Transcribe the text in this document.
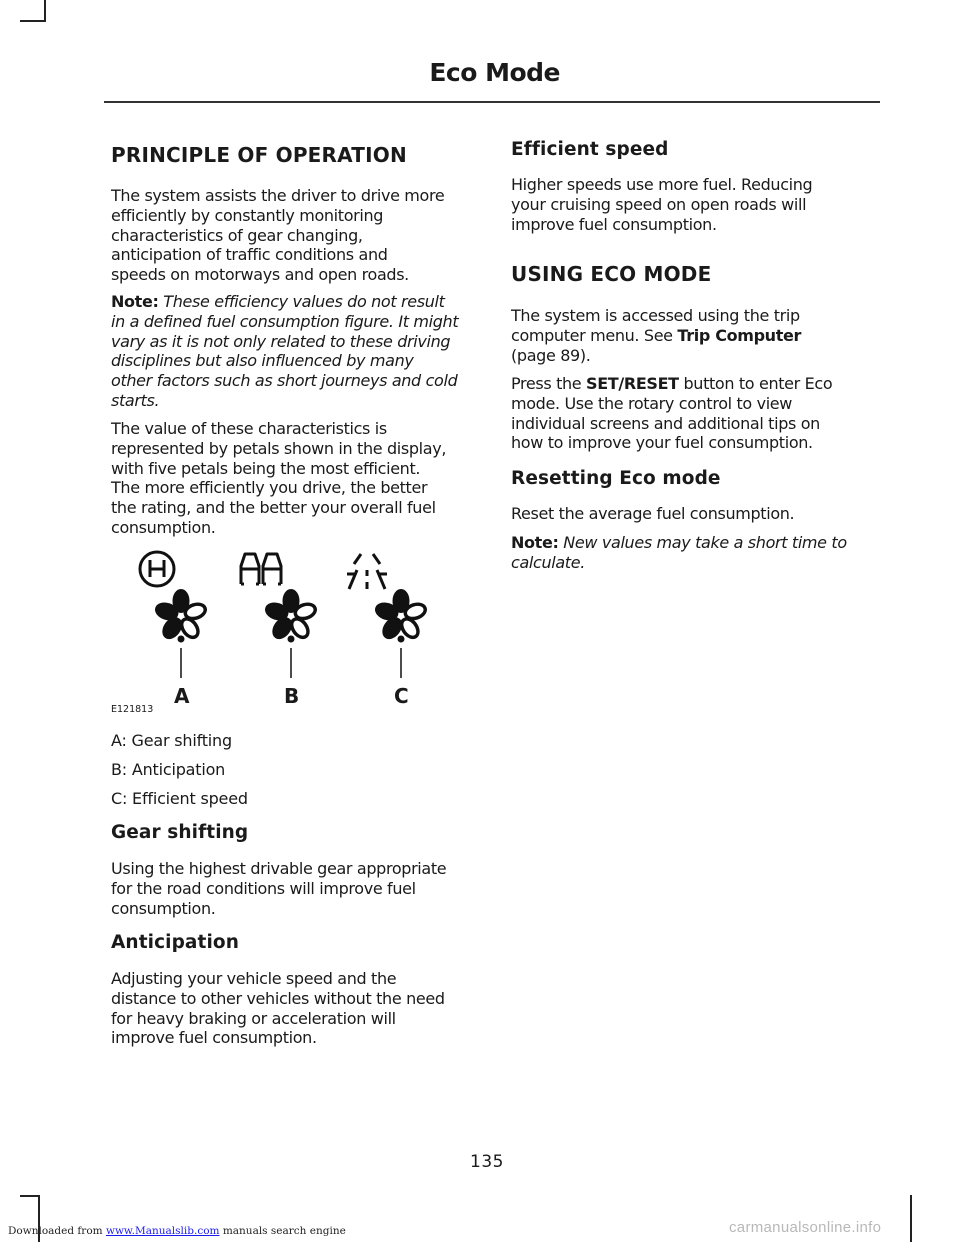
Eco Mode
PRINCIPLE OF OPERATION

The system assists the driver to drive more
efficiently by constantly monitoring
characteristics of gear changing,
anticipation of traffic conditions and
speeds on motorways and open roads.

Note: These efficiency values do not result
in a defined fuel consumption figure. It might
vary as it is not only related to these driving
disciplines but also influenced by many
other factors such as short journeys and cold
starts.

The value of these characteristics is
represented by petals shown in the display,
with five petals being the most efficient.
The more efficiently you drive, the better
the rating, and the better your overall fuel
consumption.

A: Gear shifting
B: Anticipation
C: Efficient speed
Gear shifting

Using the highest drivable gear appropriate
for the road conditions will improve fuel
consumption.

Anticipation

Adjusting your vehicle speed and the
distance to other vehicles without the need
for heavy braking or acceleration will
improve fuel consumption.

A	B	C
E121813
Efficient speed

Higher speeds use more fuel. Reducing
your cruising speed on open roads will
improve fuel consumption.

USING ECO MODE

The system is accessed using the trip
computer menu. See Trip Computer
(page 89).

Press the SET/RESET button to enter Eco
mode. Use the rotary control to view
individual screens and additional tips on
how to improve your fuel consumption.

Resetting Eco mode

Reset the average fuel consumption.

Note: New values may take a short time to
calculate.

135
Downloaded from www.Manualslib.com manuals search engine	carmanualsonline.info
